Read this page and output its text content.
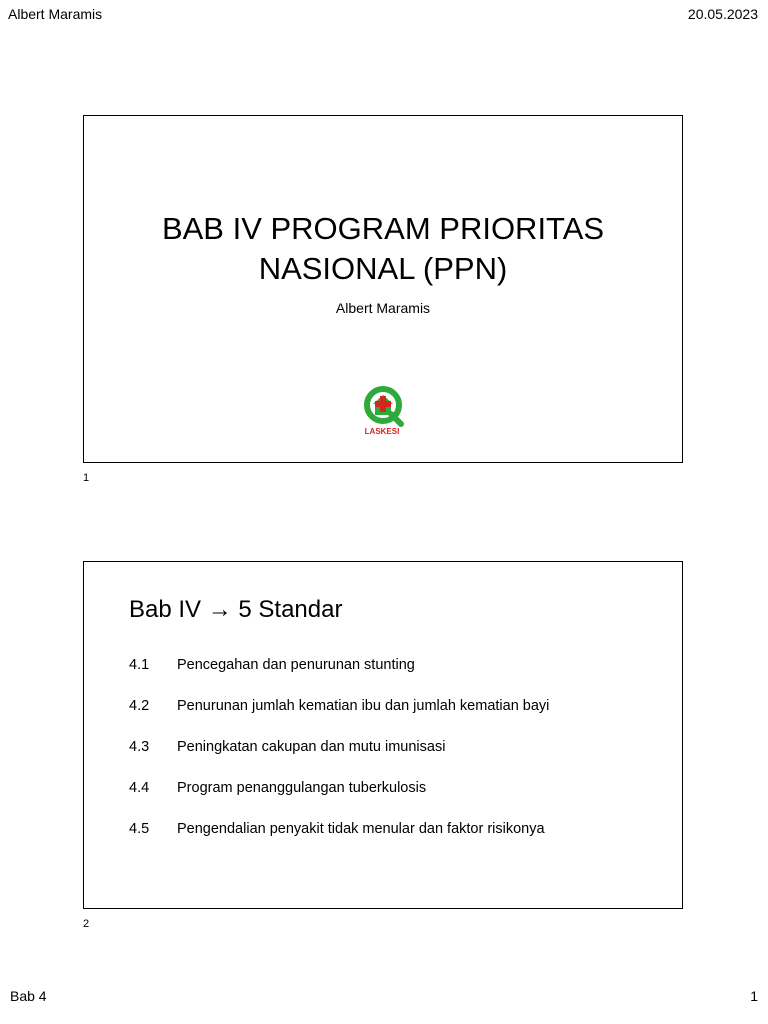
Albert Maramis	20.05.2023
BAB IV PROGRAM PRIORITAS
NASIONAL (PPN)
Albert Maramis
LASKESI
1
Bab IV → 5 Standar
4.1	Pencegahan dan penurunan stunting
4.2	Penurunan jumlah kematian ibu dan jumlah kematian bayi
4.3	Peningkatan cakupan dan mutu imunisasi
4.4	Program penanggulangan tuberkulosis
4.5	Pengendalian penyakit tidak menular dan faktor risikonya
2
Bab 4	1
